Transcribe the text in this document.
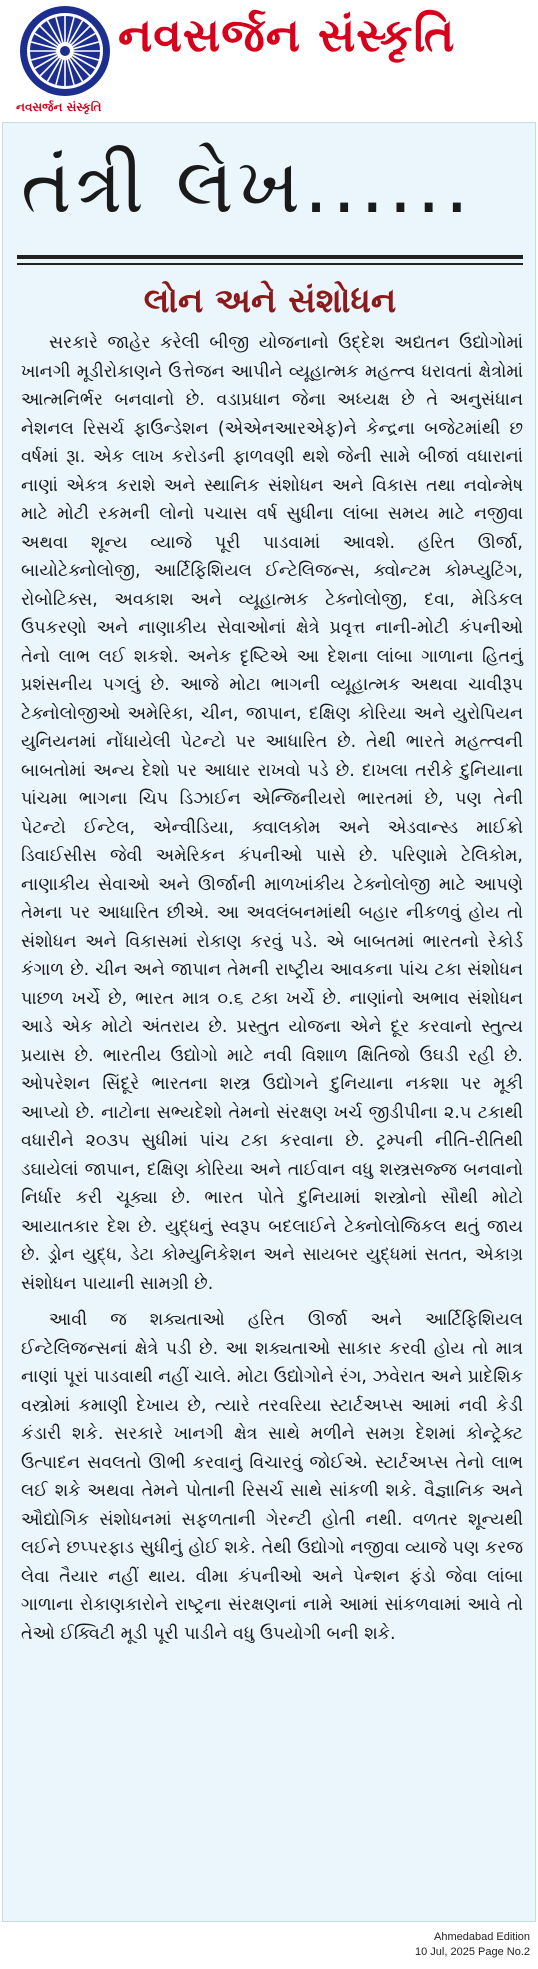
નવસર્જન સંસ્કૃતિ
નવસર્જન સંસ્કૃતિ
તંત્રી લેખ......
લોન અને સંશોધન

સરકારે જાહેર કરેલી બીજી યોજનાનો ઉદ્દેશ અદ્યતન ઉદ્યોગોમાં ખાનગી મૂડીરોકાણને ઉત્તેજન આપીને વ્યૂહાત્મક મહત્ત્વ ધરાવતાં ક્ષેત્રોમાં આત્મનિર્ભર બનવાનો છે. વડાપ્રધાન જેના અધ્યક્ષ છે તે અનુસંધાન નેશનલ રિસર્ચ ફાઉન્ડેશન (એએનઆરએફ)ને કેન્દ્રના બજેટમાંથી છ વર્ષમાં રૂા. એક લાખ કરોડની ફાળવણી થશે જેની સામે બીજાં વધારાનાં નાણાં એકત્ર કરાશે અને સ્થાનિક સંશોધન અને વિકાસ તથા નવોન્મેષ માટે મોટી રકમની લોનો પચાસ વર્ષ સુધીના લાંબા સમય માટે નજીવા અથવા શૂન્ય વ્યાજે પૂરી પાડવામાં આવશે. હરિત ઊર્જા, બાયોટેક્નોલોજી, આર્ટિફિશિયલ ઈન્ટેલિજન્સ, ક્વોન્ટમ કોમ્પ્યુટિંગ, રોબોટિક્સ, અવકાશ અને વ્યૂહાત્મક ટેક્નોલોજી, દવા, મેડિકલ ઉપકરણો અને નાણાકીય સેવાઓનાં ક્ષેત્રે પ્રવૃત્ત નાની-મોટી કંપનીઓ તેનો લાભ લઈ શકશે. અનેક દૃષ્ટિએ આ દેશના લાંબા ગાળાના હિતનું પ્રશંસનીય પગલું છે. આજે મોટા ભાગની વ્યૂહાત્મક અથવા ચાવીરૂપ ટેક્નોલોજીઓ અમેરિકા, ચીન, જાપાન, દક્ષિણ કોરિયા અને યુરોપિયન યુનિયનમાં નોંધાયેલી પેટન્ટો પર આધારિત છે. તેથી ભારતે મહત્ત્વની બાબતોમાં અન્ય દેશો પર આધાર રાખવો પડે છે. દાખલા તરીકે દુનિયાના પાંચમા ભાગના ચિપ ડિઝાઈન એન્જિનીયરો ભારતમાં છે, પણ તેની પેટન્ટો ઈન્ટેલ, એન્વીડિયા, ક્વાલકોમ અને એડવાન્સ્ડ માઈક્રો ડિવાઈસીસ જેવી અમેરિકન કંપનીઓ પાસે છે. પરિણામે ટેલિકોમ, નાણાકીય સેવાઓ અને ઊર્જાની માળખાંકીય ટેક્નોલોજી માટે આપણે તેમના પર આધારિત છીએ. આ અવલંબનમાંથી બહાર નીકળવું હોય તો સંશોધન અને વિકાસમાં રોકાણ કરવું પડે. એ બાબતમાં ભારતનો રેકોર્ડ કંગાળ છે. ચીન અને જાપાન તેમની રાષ્ટ્રીય આવકના પાંચ ટકા સંશોધન પાછળ ખર્ચે છે, ભારત માત્ર ૦.૬ ટકા ખર્ચે છે. નાણાંનો અભાવ સંશોધન આડે એક મોટો અંતરાય છે. પ્રસ્તુત યોજના એને દૂર કરવાનો સ્તુત્ય પ્રયાસ છે. ભારતીય ઉદ્યોગો માટે નવી વિશાળ ક્ષિતિજો ઉઘડી રહી છે. ઓપરેશન સિંદૂરે ભારતના શસ્ત્ર ઉદ્યોગને દુનિયાના નકશા પર મૂકી આપ્યો છે. નાટોના સભ્યદેશો તેમનો સંરક્ષણ ખર્ચ જીડીપીના ૨.૫ ટકાથી વધારીને ૨૦૩૫ સુધીમાં પાંચ ટકા કરવાના છે. ટ્રમ્પની નીતિ-રીતિથી ડઘાયેલાં જાપાન, દક્ષિણ કોરિયા અને તાઈવાન વધુ શસ્ત્રસજ્જ બનવાનો નિર્ધાર કરી ચૂક્યા છે. ભારત પોતે દુનિયામાં શસ્ત્રોનો સૌથી મોટો આયાતકાર દેશ છે. યુદ્ધનું સ્વરૂપ બદલાઈને ટેક્નોલોજિકલ થતું જાય છે. ડ્રોન યુદ્ધ, ડેટા કોમ્યુનિકેશન અને સાયબર યુદ્ધમાં સતત, એકાગ્ર સંશોધન પાયાની સામગ્રી છે.

આવી જ શક્યતાઓ હરિત ઊર્જા અને આર્ટિફિશિયલ ઈન્ટેલિજન્સનાં ક્ષેત્રે પડી છે. આ શક્યતાઓ સાકાર કરવી હોય તો માત્ર નાણાં પૂરાં પાડવાથી નહીં ચાલે. મોટા ઉદ્યોગોને રંગ, ઝવેરાત અને પ્રાદેશિક વસ્ત્રોમાં કમાણી દેખાય છે, ત્યારે તરવરિયા સ્ટાર્ટઅપ્સ આમાં નવી કેડી કંડારી શકે. સરકારે ખાનગી ક્ષેત્ર સાથે મળીને સમગ્ર દેશમાં કોન્ટ્રેક્ટ ઉત્પાદન સવલતો ઊભી કરવાનું વિચારવું જોઈએ. સ્ટાર્ટઅપ્સ તેનો લાભ લઈ શકે અથવા તેમને પોતાની રિસર્ચ સાથે સાંકળી શકે. વૈજ્ઞાનિક અને ઔદ્યોગિક સંશોધનમાં સફળતાની ગેરન્ટી હોતી નથી. વળતર શૂન્યથી લઈને છપ્પરફાડ સુધીનું હોઈ શકે. તેથી ઉદ્યોગો નજીવા વ્યાજે પણ કરજ લેવા તૈયાર નહીં થાય. વીમા કંપનીઓ અને પેન્શન ફંડો જેવા લાંબા ગાળાના રોકાણકારોને રાષ્ટ્રના સંરક્ષણનાં નામે આમાં સાંકળવામાં આવે તો તેઓ ઈક્વિટી મૂડી પૂરી પાડીને વધુ ઉપયોગી બની શકે.

Ahmedabad Edition
10 Jul, 2025 Page No.2
